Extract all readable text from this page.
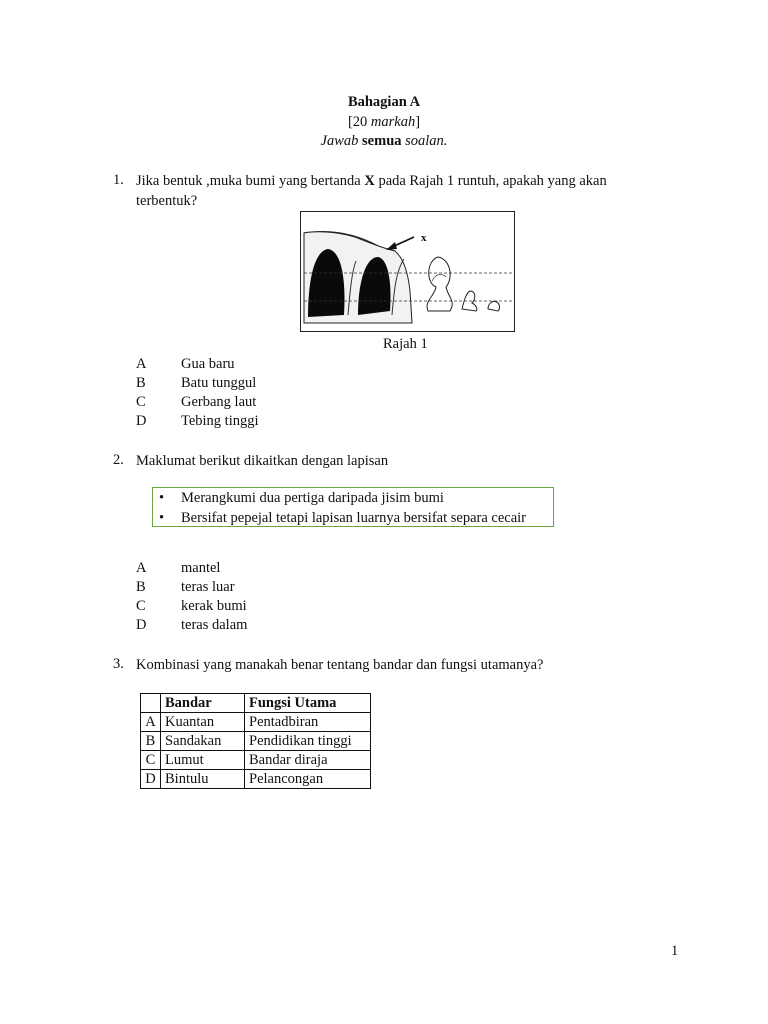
Bahagian A
[20 markah]
Jawab semua soalan.
1. Jika bentuk ,muka bumi yang bertanda X pada Rajah 1 runtuh, apakah yang akan
terbentuk?
x
Rajah 1
A Gua baru
B Batu tunggul
C Gerbang laut
D Tebing tinggi
2. Maklumat berikut dikaitkan dengan lapisan
• Merangkumi dua pertiga daripada jisim bumi
• Bersifat pepejal tetapi lapisan luarnya bersifat separa cecair
A mantel
B teras luar
C kerak bumi
D teras dalam
3. Kombinasi yang manakah benar tentang bandar dan fungsi utamanya?
	Bandar	Fungsi Utama
A	Kuantan	Pentadbiran
B	Sandakan	Pendidikan tinggi
C	Lumut	Bandar diraja
D	Bintulu	Pelancongan
1
